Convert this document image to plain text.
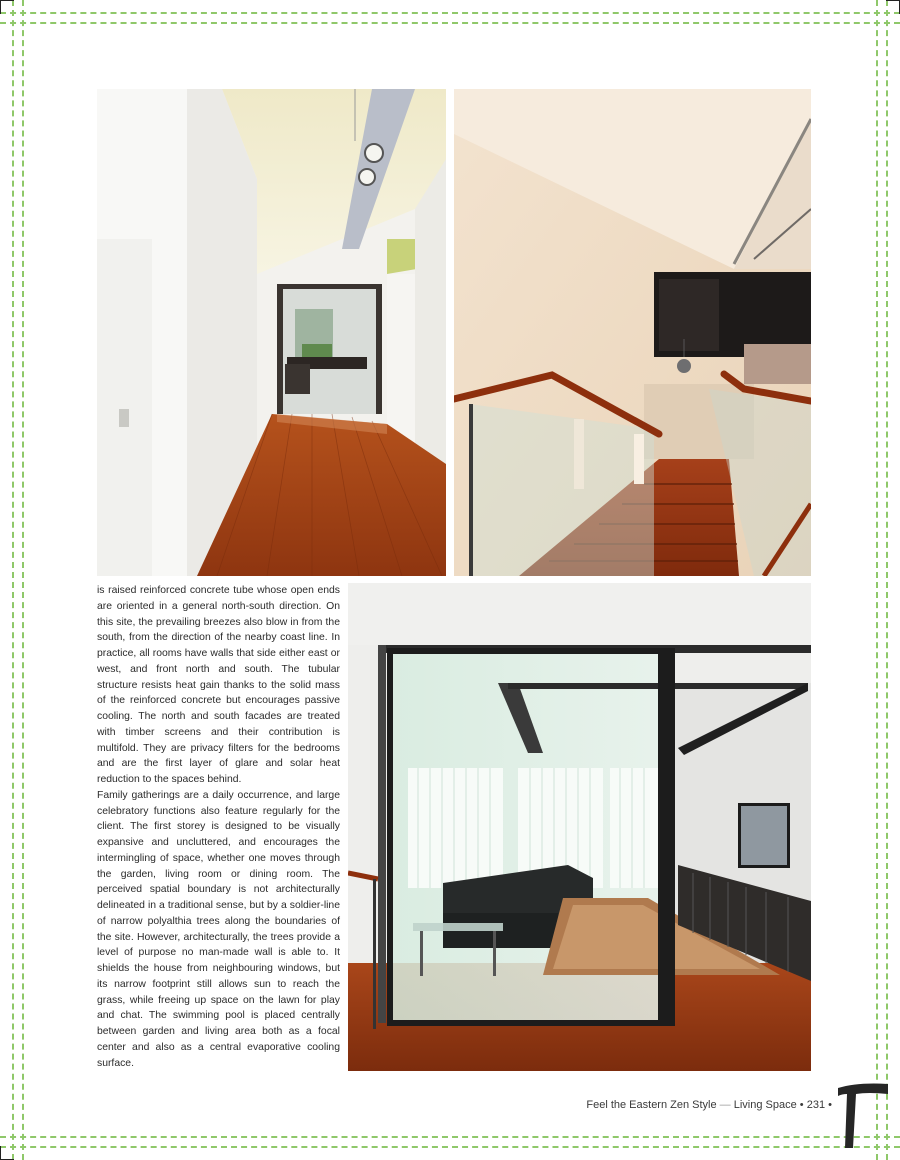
is raised reinforced concrete tube whose open ends are oriented in a general north-south direction. On this site, the prevailing breezes also blow in from the south, from the direction of the nearby coast line. In practice, all rooms have walls that side either east or west, and front north and south. The tubular structure resists heat gain thanks to the solid mass of the reinforced concrete but encourages passive cooling. The north and south facades are treated with timber screens and their contribution is multifold. They are privacy filters for the bedrooms and are the first layer of glare and solar heat reduction to the spaces behind.

Family gatherings are a daily occurrence, and large celebratory functions also feature regularly for the client. The first storey is designed to be visually expansive and uncluttered, and encourages the intermingling of space, whether one moves through the garden, living room or dining room. The perceived spatial boundary is not architecturally delineated in a traditional sense, but by a soldier-line of narrow polyalthia trees along the boundaries of the site. However, architecturally, the trees provide a level of purpose no man-made wall is able to. It shields the house from neighbouring windows, but its narrow footprint still allows sun to reach the grass, while freeing up space on the lawn for play and chat. The swimming pool is placed centrally between garden and living area both as a focal center and also as a central evaporative cooling surface.

Feel the Eastern Zen Style — Living Space • 231 •
